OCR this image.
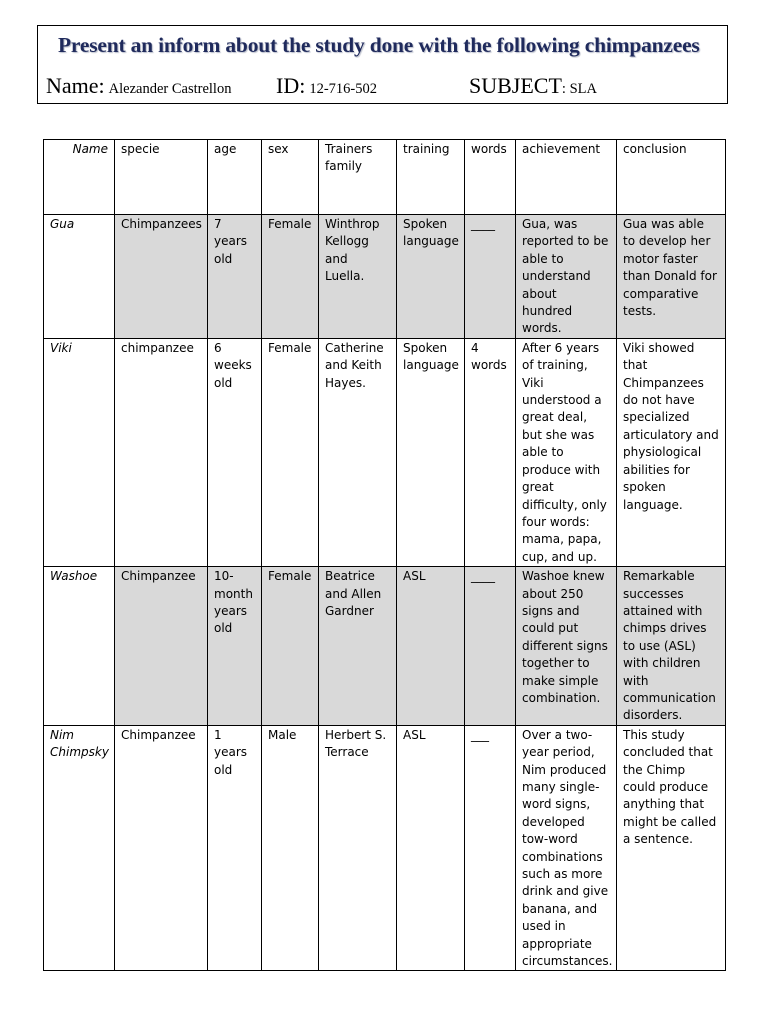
Present an inform about the study done with the following chimpanzees
Name: Alezander Castrellon ID: 12-716-502	SUBJECT: SLA
Name	specie	age	sex	Trainers family	training	words	achievement	conclusion
Gua	Chimpanzees	7 years old	Female	Winthrop Kellogg and Luella.	Spoken language	____	Gua, was reported to be able to understand about hundred words.	Gua was able to develop her motor faster than Donald for comparative tests.
Viki	chimpanzee	6 weeks old	Female	Catherine and Keith Hayes.	Spoken language	4 words	After 6 years of training, Viki understood a great deal, but she was able to produce with great difficulty, only four words: mama, papa, cup, and up.	Viki showed that Chimpanzees do not have specialized articulatory and physiological abilities for spoken language.
Washoe	Chimpanzee	10-month years old	Female	Beatrice and Allen Gardner	ASL	____	Washoe knew about 250 signs and could put different signs together to make simple combination.	Remarkable successes attained with chimps drives to use (ASL) with children with communication disorders.
Nim Chimpsky	Chimpanzee	1 years old	Male	Herbert S. Terrace	ASL	___	Over a two-year period, Nim produced many single-word signs, developed tow-word combinations such as more drink and give banana, and used in appropriate circumstances.	This study concluded that the Chimp could produce anything that might be called a sentence.
